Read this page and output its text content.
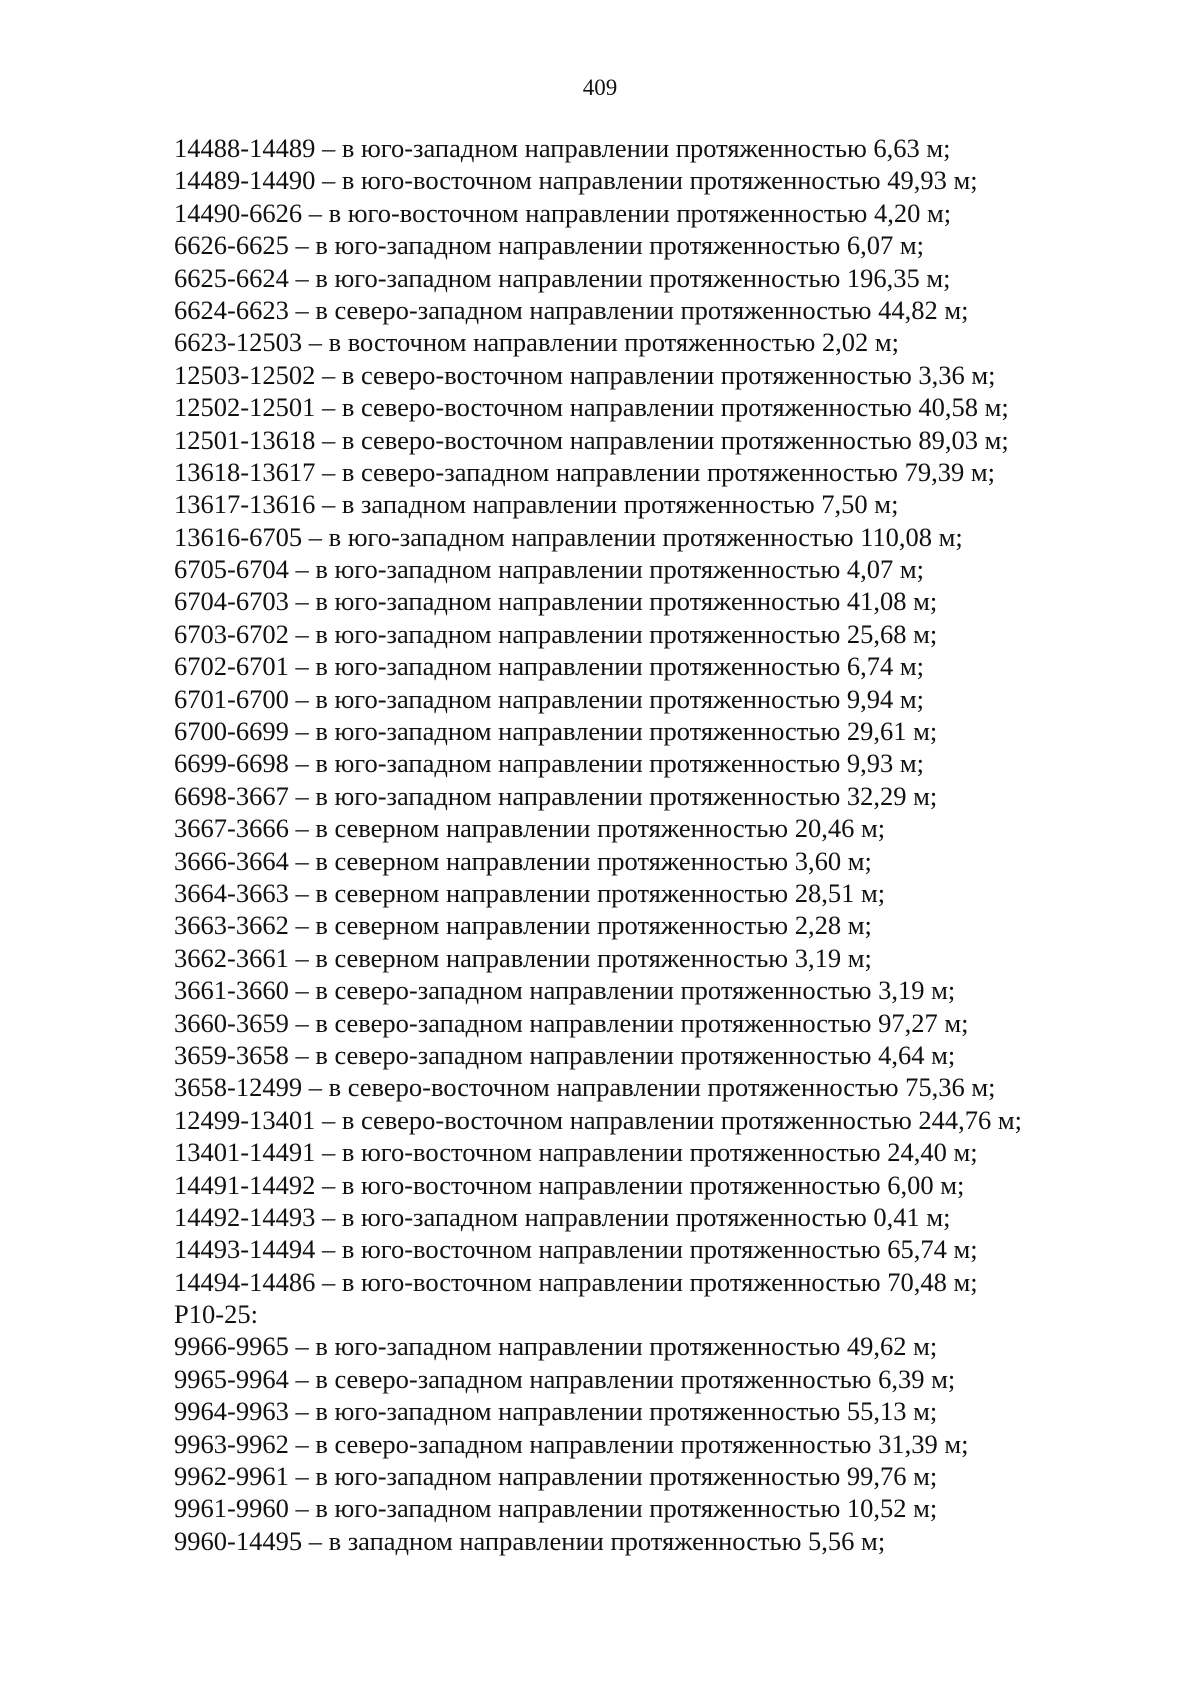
409
14488-14489 – в юго-западном направлении протяженностью 6,63 м;
14489-14490 – в юго-восточном направлении протяженностью 49,93 м;
14490-6626 – в юго-восточном направлении протяженностью 4,20 м;
6626-6625 – в юго-западном направлении протяженностью 6,07 м;
6625-6624 – в юго-западном направлении протяженностью 196,35 м;
6624-6623 – в северо-западном направлении протяженностью 44,82 м;
6623-12503 – в восточном направлении протяженностью 2,02 м;
12503-12502 – в северо-восточном направлении протяженностью 3,36 м;
12502-12501 – в северо-восточном направлении протяженностью 40,58 м;
12501-13618 – в северо-восточном направлении протяженностью 89,03 м;
13618-13617 – в северо-западном направлении протяженностью 79,39 м;
13617-13616 – в западном направлении протяженностью 7,50 м;
13616-6705 – в юго-западном направлении протяженностью 110,08 м;
6705-6704 – в юго-западном направлении протяженностью 4,07 м;
6704-6703 – в юго-западном направлении протяженностью 41,08 м;
6703-6702 – в юго-западном направлении протяженностью 25,68 м;
6702-6701 – в юго-западном направлении протяженностью 6,74 м;
6701-6700 – в юго-западном направлении протяженностью 9,94 м;
6700-6699 – в юго-западном направлении протяженностью 29,61 м;
6699-6698 – в юго-западном направлении протяженностью 9,93 м;
6698-3667 – в юго-западном направлении протяженностью 32,29 м;
3667-3666 – в северном направлении протяженностью 20,46 м;
3666-3664 – в северном направлении протяженностью 3,60 м;
3664-3663 – в северном направлении протяженностью 28,51 м;
3663-3662 – в северном направлении протяженностью 2,28 м;
3662-3661 – в северном направлении протяженностью 3,19 м;
3661-3660 – в северо-западном направлении протяженностью 3,19 м;
3660-3659 – в северо-западном направлении протяженностью 97,27 м;
3659-3658 – в северо-западном направлении протяженностью 4,64 м;
3658-12499 – в северо-восточном направлении протяженностью 75,36 м;
12499-13401 – в северо-восточном направлении протяженностью 244,76 м;
13401-14491 – в юго-восточном направлении протяженностью 24,40 м;
14491-14492 – в юго-восточном направлении протяженностью 6,00 м;
14492-14493 – в юго-западном направлении протяженностью 0,41 м;
14493-14494 – в юго-восточном направлении протяженностью 65,74 м;
14494-14486 – в юго-восточном направлении протяженностью 70,48 м;
Р10-25:
9966-9965 – в юго-западном направлении протяженностью 49,62 м;
9965-9964 – в северо-западном направлении протяженностью 6,39 м;
9964-9963 – в юго-западном направлении протяженностью 55,13 м;
9963-9962 – в северо-западном направлении протяженностью 31,39 м;
9962-9961 – в юго-западном направлении протяженностью 99,76 м;
9961-9960 – в юго-западном направлении протяженностью 10,52 м;
9960-14495 – в западном направлении протяженностью 5,56 м;
